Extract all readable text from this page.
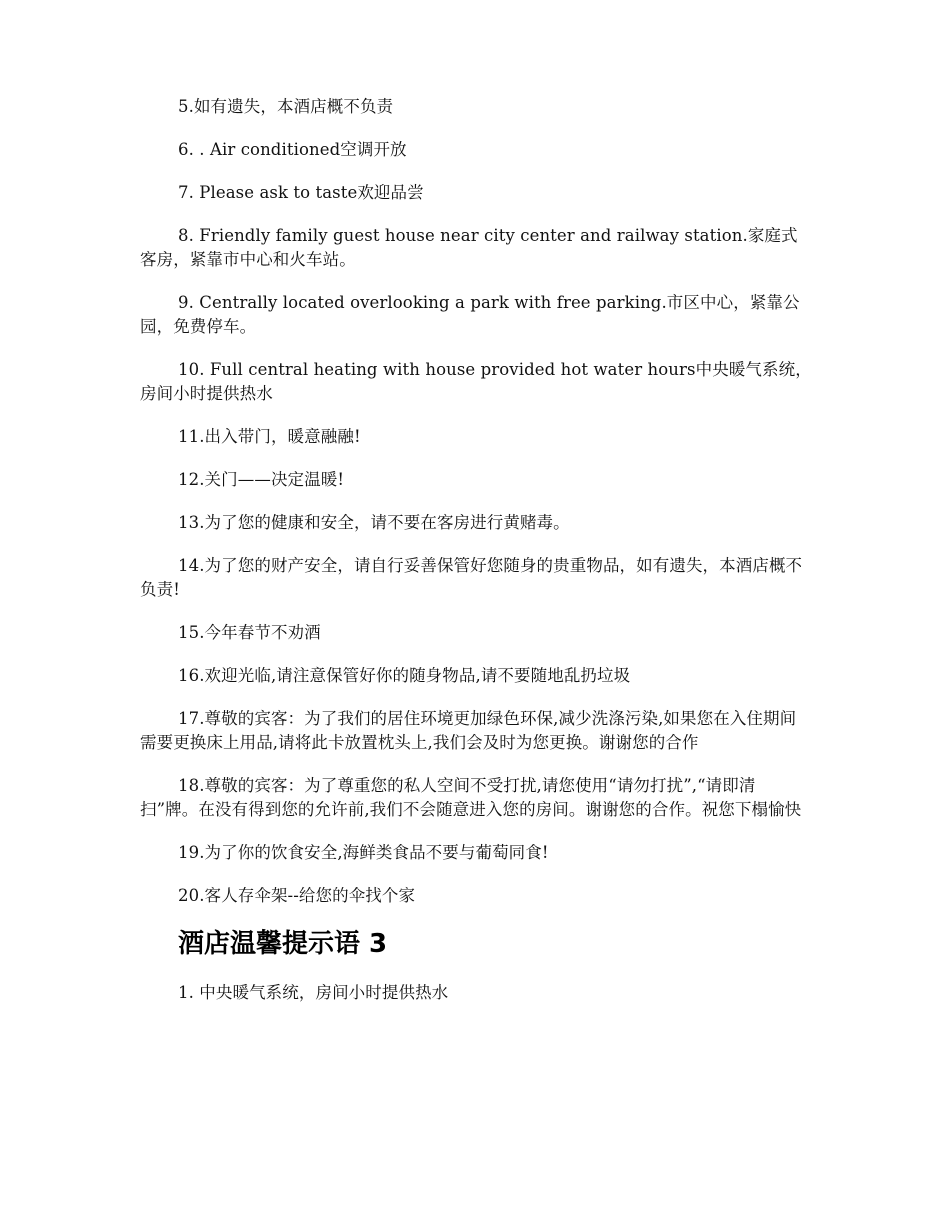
5.如有遗失，本酒店概不负责

6. . Air conditioned空调开放

7. Please ask to taste欢迎品尝

8. Friendly family guest house near city center and railway station.家庭式客房，紧靠市中心和火车站。

9. Centrally located overlooking a park with free parking.市区中心，紧靠公园，免费停车。

10. Full central heating with house provided hot water hours中央暖气系统，房间小时提供热水

11.出入带门，暖意融融!

12.关门——决定温暖!

13.为了您的健康和安全，请不要在客房进行黄赌毒。

14.为了您的财产安全，请自行妥善保管好您随身的贵重物品，如有遗失，本酒店概不负责!

15.今年春节不劝酒

16.欢迎光临,请注意保管好你的随身物品,请不要随地乱扔垃圾

17.尊敬的宾客：为了我们的居住环境更加绿色环保,减少洗涤污染,如果您在入住期间需要更换床上用品,请将此卡放置枕头上,我们会及时为您更换。谢谢您的合作

18.尊敬的宾客：为了尊重您的私人空间不受打扰,请您使用“请勿打扰”,“请即清扫”牌。在没有得到您的允许前,我们不会随意进入您的房间。谢谢您的合作。祝您下榻愉快

19.为了你的饮食安全,海鲜类食品不要与葡萄同食!

20.客人存伞架--给您的伞找个家

酒店温馨提示语 3

1. 中央暖气系统，房间小时提供热水
